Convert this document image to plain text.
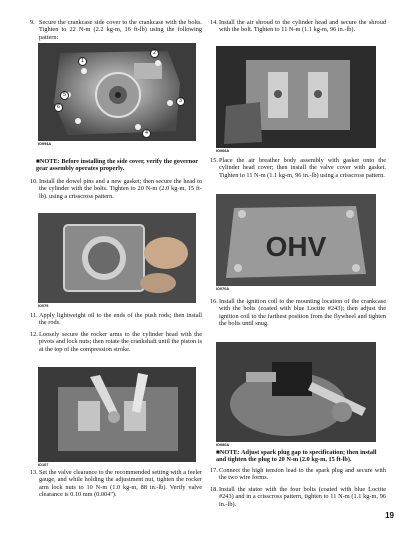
9. Secure the crankcase side cover to the crankcase with the bolts. Tighten to 22 N-m (2.2 kg-m, 16 ft-lb) using the following pattern:
1
2
3
4
5
6
IO994A
■NOTE: Before installing the side cover, verify the governor gear assembly operates properly.
10. Install the dowel pins and a new gasket; then secure the head to the cylinder with the bolts. Tighten to 20 N-m (2.0 kg-m, 15 ft-lb). using a crisscross pattern.
IO075
11. Apply lightweight oil to the ends of the push rods; then install the rods.
12. Loosely secure the rocker arms to the cylinder head with the pivots and lock nuts; then rotate the crankshaft until the piston is at the top of the compression stroke.
IO107
13. Set the valve clearance to the recommended setting with a feeler gauge, and while holding the adjustment nut, tighten the rocker arm lock nuts to 10 N-m (1.0 kg-m, 88 in.-lb). Verify valve clearance is 0.10 mm (0.004").
14. Install the air shroud to the cylinder head and secure the shroud with the bolt. Tighten to 11 N-m (1.1 kg-m, 96 in.-lb).
IO066A
15. Place the air breather body assembly with gasket onto the cylinder head cover; then install the valve cover with gasket. Tighten to 11 N-m (1.1 kg-m, 96 in.-lb) using a crisscross pattern.
OHV
IO070A
16. Install the ignition coil to the mounting location of the crankcase with the bolts (coated with blue Loctite #243); then adjust the ignition coil to the farthest position from the flywheel and tighten the bolts until snug.
IO080A
■NOTE: Adjust spark plug gap to specification; then install and tighten the plug to 20 N-m (2.0 kg-m, 15 ft-lb).
17. Connect the high tension lead to the spark plug and secure with the two wire forms.
18. Install the stator with the four bolts (coated with blue Loctite #243) and in a crisscross pattern, tighten to 11 N-m (1.1 kg-m, 96 in.-lb).
19
